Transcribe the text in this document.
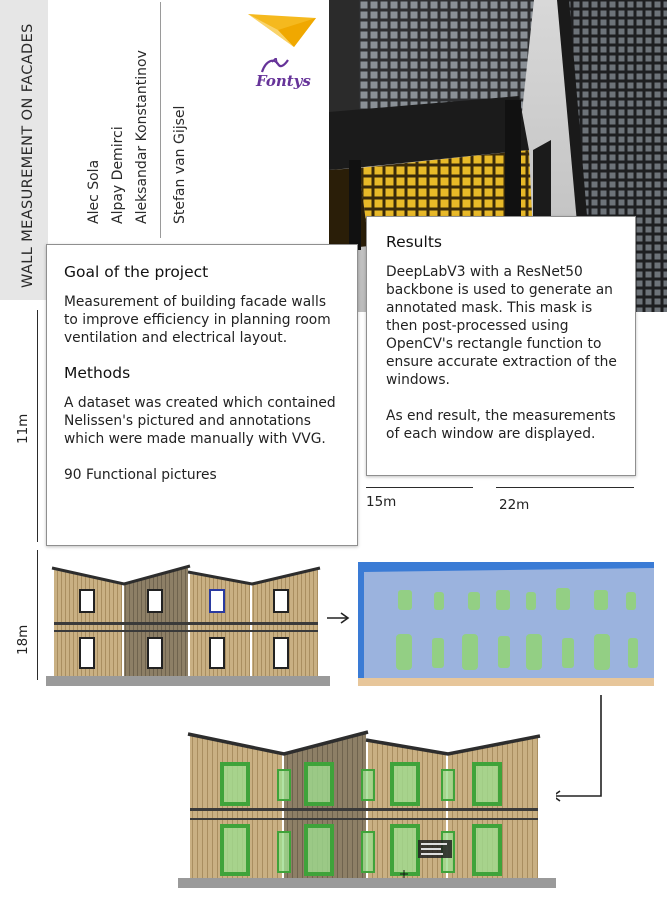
WALL MEASUREMENT ON FACADES	Alec Sola Alpay Demirci Aleksandar Konstantinov Stefan van Gijsel
Fontys
Goal of the project

Measurement of building facade walls to improve efficiency in planning room ventilation and electrical layout.

Methods

A dataset was created which contained Nelissen's pictured and annotations which were made manually with VVG.

90 Functional pictures

Results

DeepLabV3 with a ResNet50 backbone is used to generate an annotated mask. This mask is then post-processed using OpenCV's rectangle function to ensure accurate extraction of the windows.

As end result, the measurements of each window are displayed.

11m
18m
15m	22m
